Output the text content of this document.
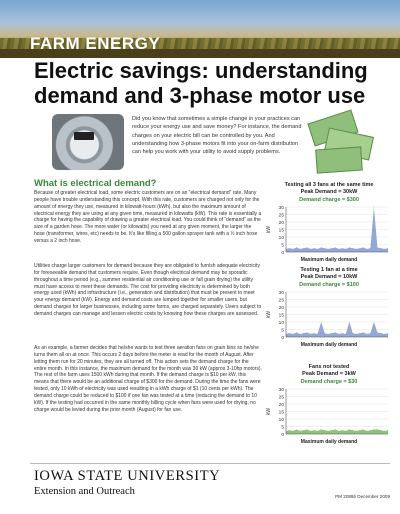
FARM ENERGY
Electric savings: understanding demand and 3-phase motor use
Did you know that sometimes a simple change in your practices can reduce your energy use and save money? For instance, the demand charges on your electric bill can be controlled by you. And understanding how 3-phase motors fit into your on-farm distribution can help you work with your utility to avoid supply problems.
What is electrical demand?
Because of greater electrical load, some electric customers are on an “electrical demand” rate. Many people have trouble understanding this concept. With this rate, customers are charged not only for the amount of energy they use, measured in kilowatt-hours (kWh), but also the maximum amount of electrical energy they are using at any given time, measured in kilowatts (kW). This rate is essentially a charge for having the capability of drawing a greater electrical load. You could think of “demand” as the size of a garden hose. The more water (or kilowatts) you need at any given moment, the larger the hose (transformer, wires, etc) needs to be. It’s like filling a 500 gallon sprayer tank with a ½ inch hose versus a 2 inch hose.
Utilities charge larger customers for demand because they are obligated to furnish adequate electricity for foreseeable demand that customers require. Even though electrical demand may be sporadic throughout a time period (e.g., summer residential air conditioning use or fall grain drying) the utility must have access to meet these demands. The cost for providing electricity is determined by both energy used (kWh) and infrastructure (i.e., generation and distribution) that must be present to meet your energy demand (kW). Energy and demand costs are lumped together for smaller users, but demand charges for larger businesses, including some farms, are charged separately. Users subject to demand charges can manage and lessen electric costs by knowing how these charges are assessed.
As an example, a farmer decides that he/she wants to test three aeration fans on grain bins so he/she turns them all on at once. This occurs 2 days before the meter is read for the month of August. After letting them run for 20 minutes, they are all turned off. This action sets the demand charge for the entire month. In this instance, the maximum demand for the month was 30 kW (approx 3-10hp motors). The rest of the farm uses 1500 kWh during that month. If the demand charge is $10 per kW, this means that there would be an additional charge of $300 for the demand. During the time the fans were tested, only 10 kWh of electricity was used resulting in a kWh charge of $1 (10 cents per kWh). The demand charge could be reduced to $100 if one fan was tested at a time (reducing the demand to 10 kW). If the testing had occurred in the same monthly billing cycle when fans were used for drying, no charge would be levied during the prior month (August) for fan use.
Testing all 3 fans at the same time
Peak Demand = 30kW
Demand charge = $300
kW
0
5
10
15
20
25
30
Maximum daily demand
Testing 1 fan at a time
Peak Demand = 10kW
Demand charge = $100
kW
0
5
10
15
20
25
30
Maximum daily demand
Fans not tested
Peak Demand = 3kW
Demand charge = $30
kW
0
5
10
15
20
25
30
Maximum daily demand
IOWA STATE UNIVERSITY
Extension and Outreach	PM 2089b December 2009
